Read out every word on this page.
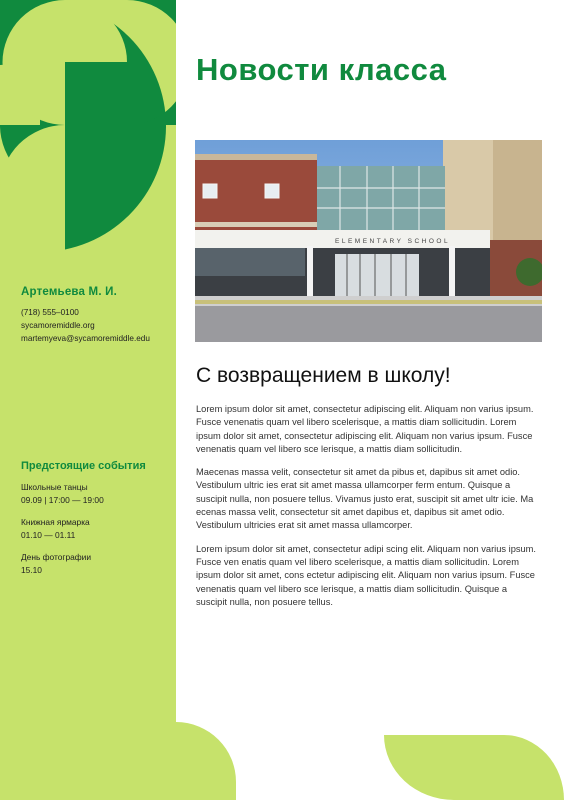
Артемьева М. И.
(718) 555–0100
sycamoremiddle.org
martemyeva@sycamoremiddle.edu
Предстоящие события
Школьные танцы
09.09 | 17:00 — 19:00
Книжная ярмарка
01.10 — 01.11
День фотографии
15.10
Новости класса
ELEMENTARY SCHOOL
С возвращением в школу!

Lorem ipsum dolor sit amet, consectetur adipiscing elit. Aliquam non varius ipsum. Fusce venenatis quam vel libero scelerisque, a mattis diam sollicitudin. Lorem ipsum dolor sit amet, consectetur adipiscing elit. Aliquam non varius ipsum. Fusce venenatis quam vel libero sce lerisque, a mattis diam sollicitudin.

Maecenas massa velit, consectetur sit amet da pibus et, dapibus sit amet odio. Vestibulum ultric ies erat sit amet massa ullamcorper ferm entum. Quisque a suscipit nulla, non posuere tellus. Vivamus justo erat, suscipit sit amet ultr icie. Ma ecenas massa velit, consectetur sit amet dapibus et, dapibus sit amet odio. Vestibulum ultricies erat sit amet massa ullamcorper.

Lorem ipsum dolor sit amet, consectetur adipi scing elit. Aliquam non varius ipsum. Fusce ven enatis quam vel libero scelerisque, a mattis diam sollicitudin. Lorem ipsum dolor sit amet, cons ectetur adipiscing elit. Aliquam non varius ipsum. Fusce venenatis quam vel libero sce lerisque, a mattis diam sollicitudin. Quisque a suscipit nulla, non posuere tellus.
